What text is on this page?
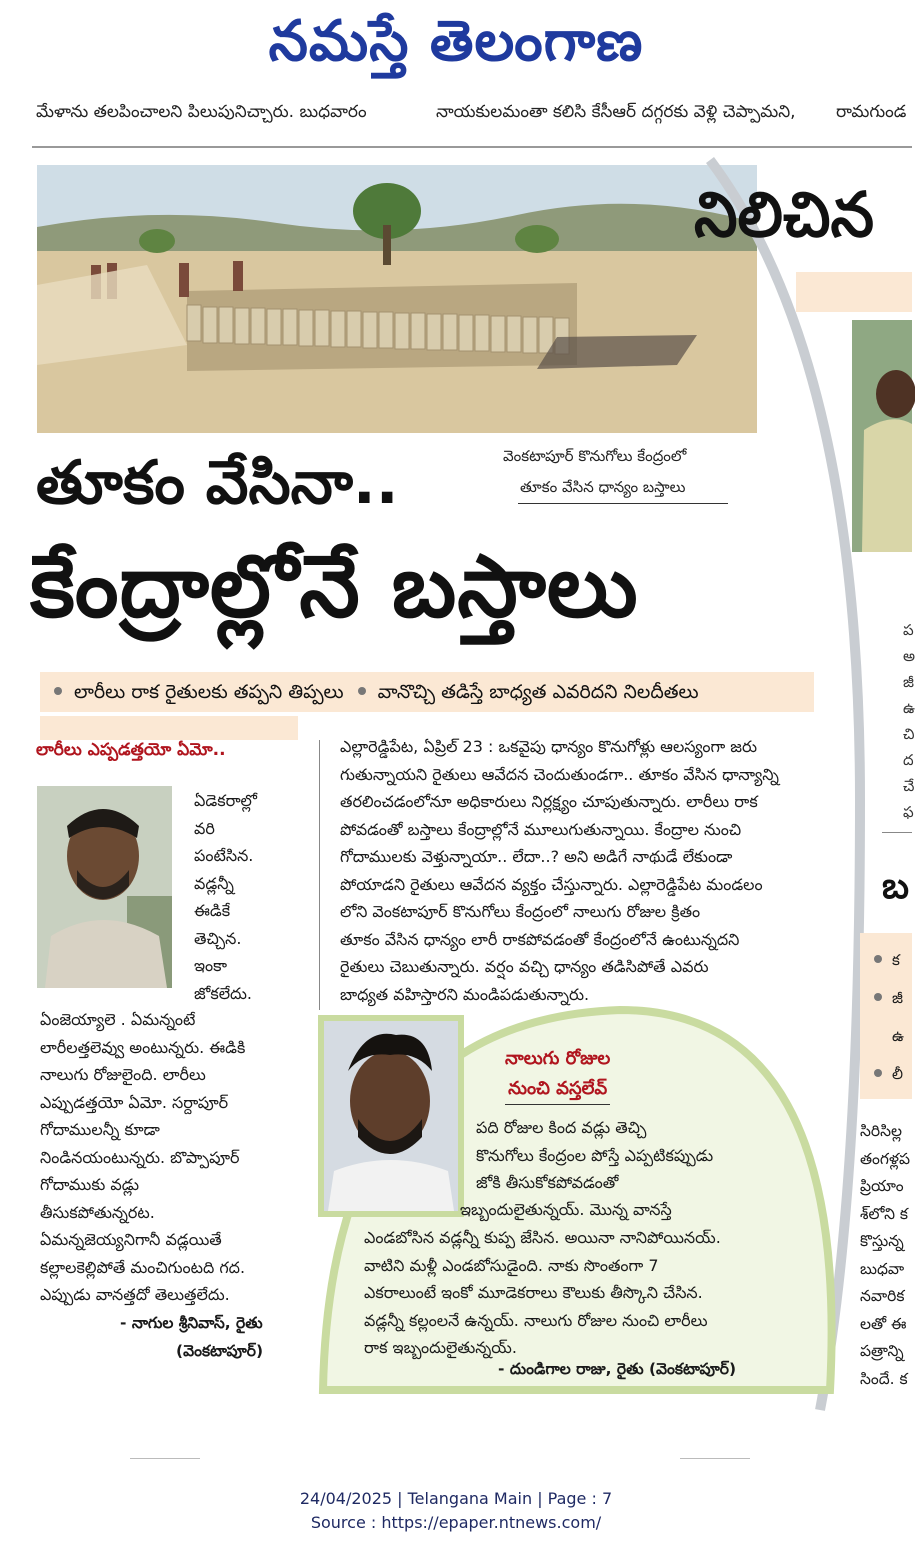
నమస్తే తెలంగాణ
మేళాను తలపించాలని పిలుపునిచ్చారు. బుధవారం	నాయకులమంతా కలిసి కేసీఆర్ దగ్గరకు వెళ్లి చెప్పామని, రామగుండ
వెంకటాపూర్ కొనుగోలు కేంద్రంలో
తూకం వేసిన ధాన్యం బస్తాలు
తూకం వేసినా..
కేంద్రాల్లోనే బస్తాలు
లారీలు రాక రైతులకు తప్పని తిప్పలు వానొచ్చి తడిస్తే బాధ్యత ఎవరిదని నిలదీతలు
లారీలు ఎప్పడత్తయో ఏమో..
ఏడెకరాల్లో
వరి
పంటేసిన.
వడ్లన్నీ
ఈడికే
తెచ్చిన.
ఇంకా
జోకలేదు.
ఏంజెయ్యాలె . ఏమన్నంటే
లారీలత్తలెవ్వు అంటున్నరు. ఈడికి
నాలుగు రోజులైంది. లారీలు
ఎప్పుడత్తయో ఏమో. సర్దాపూర్
గోదాములన్నీ కూడా
నిండినయంటున్నరు. బొప్పాపూర్
గోదాముకు వడ్లు
తీసుకపోతున్నరట.
ఏమన్నజెయ్యనిగానీ వడ్లయితే
కల్లాలకెల్లిపోతే మంచిగుంటది గద.
ఎప్పుడు వానత్తదో తెలుత్తలేదు.
- నాగుల శ్రీనివాస్, రైతు
(వెంకటాపూర్)
ఎల్లారెడ్డిపేట, ఏప్రిల్ 23 : ఒకవైపు ధాన్యం కొనుగోళ్లు ఆలస్యంగా జరు
గుతున్నాయని రైతులు ఆవేదన చెందుతుండగా.. తూకం వేసిన ధాన్యాన్ని
తరలించడంలోనూ అధికారులు నిర్లక్ష్యం చూపుతున్నారు. లారీలు రాక
పోవడంతో బస్తాలు కేంద్రాల్లోనే మూలుగుతున్నాయి. కేంద్రాల నుంచి
గోదాములకు వెళ్తున్నాయా.. లేదా..? అని అడిగే నాథుడే లేకుండా
పోయాడని రైతులు ఆవేదన వ్యక్తం చేస్తున్నారు. ఎల్లారెడ్డిపేట మండలం
లోని వెంకటాపూర్ కొనుగోలు కేంద్రంలో నాలుగు రోజుల క్రితం
తూకం వేసిన ధాన్యం లారీ రాకపోవడంతో కేంద్రంలోనే ఉంటున్నదని
రైతులు చెబుతున్నారు. వర్షం వచ్చి ధాన్యం తడిసిపోతే ఎవరు
బాధ్యత వహిస్తారని మండిపడుతున్నారు.
నాలుగు రోజుల
నుంచి వస్తలేవ్
పది రోజుల కింద వడ్లు తెచ్చి
కొనుగోలు కేంద్రంల పోస్తే ఎప్పటికప్పుడు
జోకి తీసుకోకపోవడంతో
ఇబ్బందులైతున్నయ్. మొన్న వానస్తే
ఎండబోసిన వడ్లన్నీ కుప్ప జేసిన. అయినా నానిపోయినయ్.
వాటిని మళ్లీ ఎండబోసుడైంది. నాకు సొంతంగా 7
ఎకరాలుంటే ఇంకో మూడెకరాలు కౌలుకు తీస్కొని చేసిన.
వడ్లన్నీ కల్లంలనే ఉన్నయ్. నాలుగు రోజుల నుంచి లారీలు
రాక ఇబ్బందులైతున్నయ్.
- దుండిగాల రాజు, రైతు (వెంకటాపూర్)
నిలిచిన
ప
అ
జీ
ఉ
చి
ద
చే
ఫ
బ
క
జీ
ఉ
లీ
సిరిసిల్ల
తంగళ్లప
ప్రియాం
శ్‌లోని క
కొస్తున్న
బుధవా
నవారిక
లతో ఈ
పత్రాన్ని
సిందే. క
24/04/2025 | Telangana Main | Page : 7
Source : https://epaper.ntnews.com/
